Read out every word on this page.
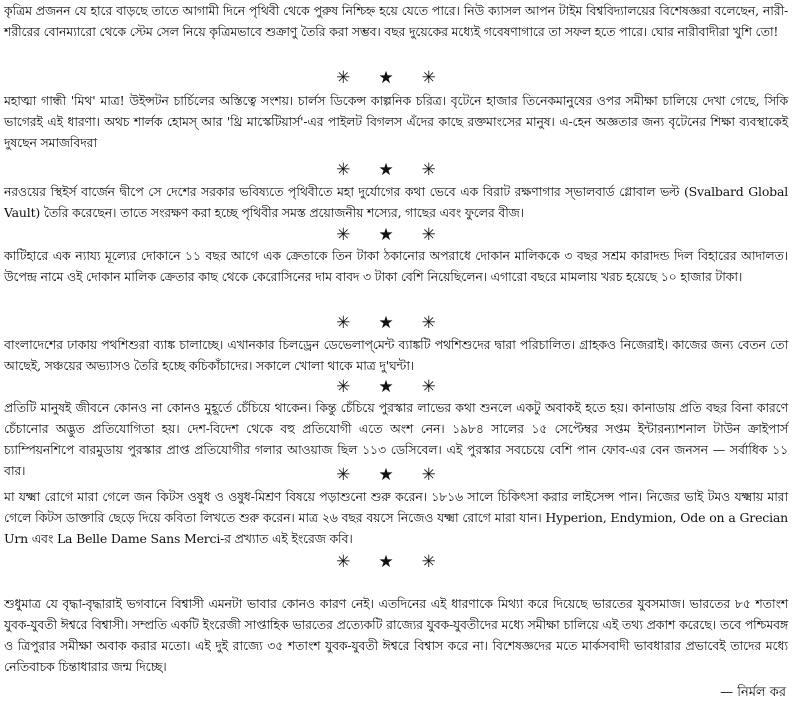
কৃত্রিম প্রজনন যে হারে বাড়ছে তাতে আগামী দিনে পৃথিবী থেকে পুরুষ নিশ্চিহ্ন হয়ে যেতে পারে। নিউ ক্যাসল আপন টাইম বিশ্ববিদ্যালয়ের বিশেষজ্ঞরা বলেছেন, নারী-শরীরের বোনম্যারো থেকে স্টেম সেল নিয়ে কৃত্রিমভাবে শুক্রাণু তৈরি করা সম্ভব। বছর দুয়েকের মধ্যেই গবেষণাগারে তা সফল হতে পারে। ঘোর নারীবাদীরা খুশি তো!

✳ ★ ✳

মহাত্মা গান্ধী 'মিথ' মাত্র! উইন্সটন চার্চিলের অস্তিত্বে সংশয়। চার্লস ডিকেন্স কাল্পনিক চরিত্র। বৃটেনে হাজার তিনেকমানুষের ওপর সমীক্ষা চালিয়ে দেখা গেছে, সিকি ভাগেরই এই ধারণা। অথচ শার্লক হোমস্ আর 'থ্রি মাস্কেটিয়ার্স'-এর পাইলট বিগলস এঁদের কাছে রক্তমাংসের মানুষ। এ-হেন অজ্ঞতার জন্য বৃটেনের শিক্ষা ব্যবস্থাকেই দুষছেন সমাজবিদরা

✳ ★ ✳

নরওয়ের স্থিইর্স বার্জেন দ্বীপে সে দেশের সরকার ভবিষ্যতে পৃথিবীতে মহা দুর্যোগের কথা ভেবে এক বিরাট রক্ষণাগার স্ভালবার্ড গ্লোবাল ভল্ট (Svalbard Global Vault) তৈরি করেছেন। তাতে সংরক্ষণ করা হচ্ছে পৃথিবীর সমস্ত প্রয়োজনীয় শস্যের, গাছের এবং ফুলের বীজ।

✳ ★ ✳

কাটিহারে এক ন্যায্য মূল্যের দোকানে ১১ বছর আগে এক ক্রেতাকে তিন টাকা ঠকানোর অপরাধে দোকান মালিককে ৩ বছর সশ্রম কারাদন্ড দিল বিহারের আদালত। উপেন্দ্র নামে ওই দোকান মালিক ক্রেতার কাছ থেকে কেরোসিনের দাম বাবদ ৩ টাকা বেশি নিয়েছিলেন। এগারো বছরে মামলায় খরচ হয়েছে ১০ হাজার টাকা।

✳ ★ ✳

বাংলাদেশের ঢাকায় পথশিশুরা ব্যাঙ্ক চালাচ্ছে। এখানকার চিলড্রেন ডেভেলাপ্‌মেন্ট ব্যাঙ্কটি পথশিশুদের দ্বারা পরিচালিত। গ্রাহকও নিজেরাই। কাজের জন্য বেতন তো আছেই, সঞ্চয়ের অভ্যাসও তৈরি হচ্ছে কচিকাঁচাদের। সকালে খোলা থাকে মাত্র দু'ঘন্টা।

✳ ★ ✳

প্রতিটি মানুষই জীবনে কোনও না কোনও মুহূর্তে চেঁচিয়ে থাকেন। কিন্তু চেঁচিয়ে পুরস্কার লাভের কথা শুনলে একটু অবাকই হতে হয়। কানাডায় প্রতি বছর বিনা কারণে চেঁচানোর অদ্ভুত প্রতিযোগিতা হয়। দেশ-বিদেশ থেকে বহু প্রতিযোগী এতে অংশ নেন। ১৯৮৪ সালের ১৫ সেপ্টেম্বর সপ্তম ইন্টারন্যাশনাল টাউন ক্রাইপার্স চ্যাম্পিয়নশিপে বারমুডায় পুরস্কার প্রাপ্ত প্রতিযোগীর গলার আওয়াজ ছিল ১১৩ ডেসিবেল। এই পুরস্কার সবচেয়ে বেশি পান ফোব-এর বেন জনসন — সর্বাধিক ১১ বার।	✳ ★ ✳

মা যক্ষ্মা রোগে মারা গেলে জন কিটস ওষুধ ও ওষুধ-মিশ্রণ বিষয়ে পড়াশুনো শুরু করেন। ১৮১৬ সালে চিকিৎসা করার লাইসেন্স পান। নিজের ভাই টমও যক্ষ্মায় মারা গেলে কিটস ডাক্তারি ছেড়ে দিয়ে কবিতা লিখতে শুরু করেন। মাত্র ২৬ বছর বয়সে নিজেও যক্ষ্মা রোগে মারা যান। Hyperion, Endymion, Ode on a Grecian Urn এবং La Belle Dame Sans Merci-র প্রখ্যাত এই ইংরেজ কবি।

✳ ★ ✳

শুধুমাত্র যে বৃদ্ধা-বৃদ্ধারাই ভগবানে বিশ্বাসী এমনটা ভাবার কোনও কারণ নেই। এতদিনের এই ধারণাকে মিথ্যা করে দিয়েছে ভারতের যুবসমাজ। ভারতের ৮৫ শতাংশ যুবক-যুবতী ঈশ্বরে বিশ্বাসী। সম্প্রতি একটি ইংরেজী সাপ্তাহিক ভারতের প্রত্যেকটি রাজ্যের যুবক-যুবতীদের মধ্যে সমীক্ষা চালিয়ে এই তথ্য প্রকাশ করেছে। তবে পশ্চিমবঙ্গ ও ত্রিপুরার সমীক্ষা অবাক করার মতো। এই দুই রাজ্যে ৩৫ শতাংশ যুবক-যুবতী ঈশ্বরে বিশ্বাস করে না। বিশেষজ্ঞদের মতে মার্কসবাদী ভাবধারার প্রভাবেই তাদের মধ্যে নেতিবাচক চিন্তাধারার জন্ম দিচ্ছে।

— নির্মল কর
